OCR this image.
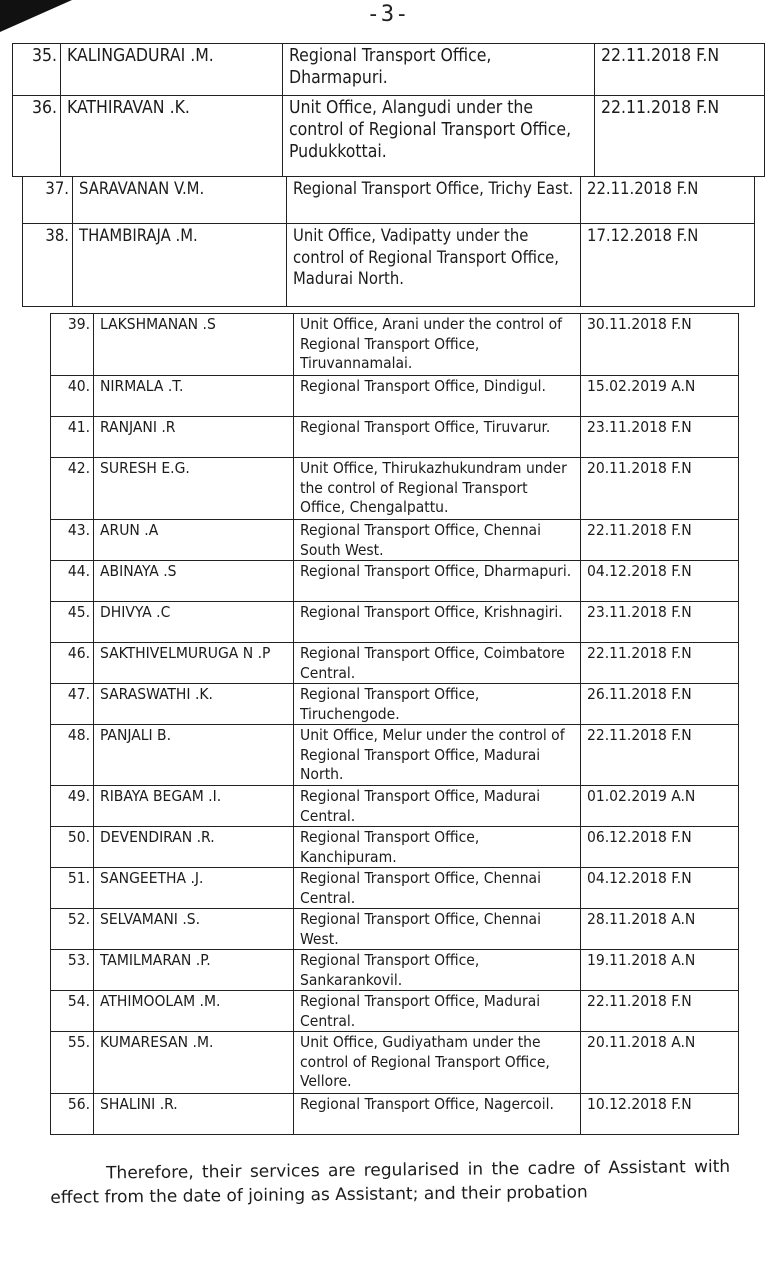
-3-
35.	KALINGADURAI .M.	Regional Transport Office, Dharmapuri.	22.11.2018 F.N
36.	KATHIRAVAN .K.	Unit Office, Alangudi under the control of Regional Transport Office, Pudukkottai.	22.11.2018 F.N
37.	SARAVANAN V.M.	Regional Transport Office, Trichy East.	22.11.2018 F.N
38.	THAMBIRAJA .M.	Unit Office, Vadipatty under the control of Regional Transport Office, Madurai North.	17.12.2018 F.N
39.	LAKSHMANAN .S	Unit Office, Arani under the control of Regional Transport Office, Tiruvannamalai.	30.11.2018 F.N
40.	NIRMALA .T.	Regional Transport Office, Dindigul.	15.02.2019 A.N
41.	RANJANI .R	Regional Transport Office, Tiruvarur.	23.11.2018 F.N
42.	SURESH E.G.	Unit Office, Thirukazhukundram under the control of Regional Transport Office, Chengalpattu.	20.11.2018 F.N
43.	ARUN .A	Regional Transport Office, Chennai South West.	22.11.2018 F.N
44.	ABINAYA .S	Regional Transport Office, Dharmapuri.	04.12.2018 F.N
45.	DHIVYA .C	Regional Transport Office, Krishnagiri.	23.11.2018 F.N
46.	SAKTHIVELMURUGA N .P	Regional Transport Office, Coimbatore Central.	22.11.2018 F.N
47.	SARASWATHI .K.	Regional Transport Office, Tiruchengode.	26.11.2018 F.N
48.	PANJALI B.	Unit Office, Melur under the control of Regional Transport Office, Madurai North.	22.11.2018 F.N
49.	RIBAYA BEGAM .I.	Regional Transport Office, Madurai Central.	01.02.2019 A.N
50.	DEVENDIRAN .R.	Regional Transport Office, Kanchipuram.	06.12.2018 F.N
51.	SANGEETHA .J.	Regional Transport Office, Chennai Central.	04.12.2018 F.N
52.	SELVAMANI .S.	Regional Transport Office, Chennai West.	28.11.2018 A.N
53.	TAMILMARAN .P.	Regional Transport Office, Sankarankovil.	19.11.2018 A.N
54.	ATHIMOOLAM .M.	Regional Transport Office, Madurai Central.	22.11.2018 F.N
55.	KUMARESAN .M.	Unit Office, Gudiyatham under the control of Regional Transport Office, Vellore.	20.11.2018 A.N
56.	SHALINI .R.	Regional Transport Office, Nagercoil.	10.12.2018 F.N
Therefore, their services are regularised in the cadre of Assistant with effect from the date of joining as Assistant; and their probation
